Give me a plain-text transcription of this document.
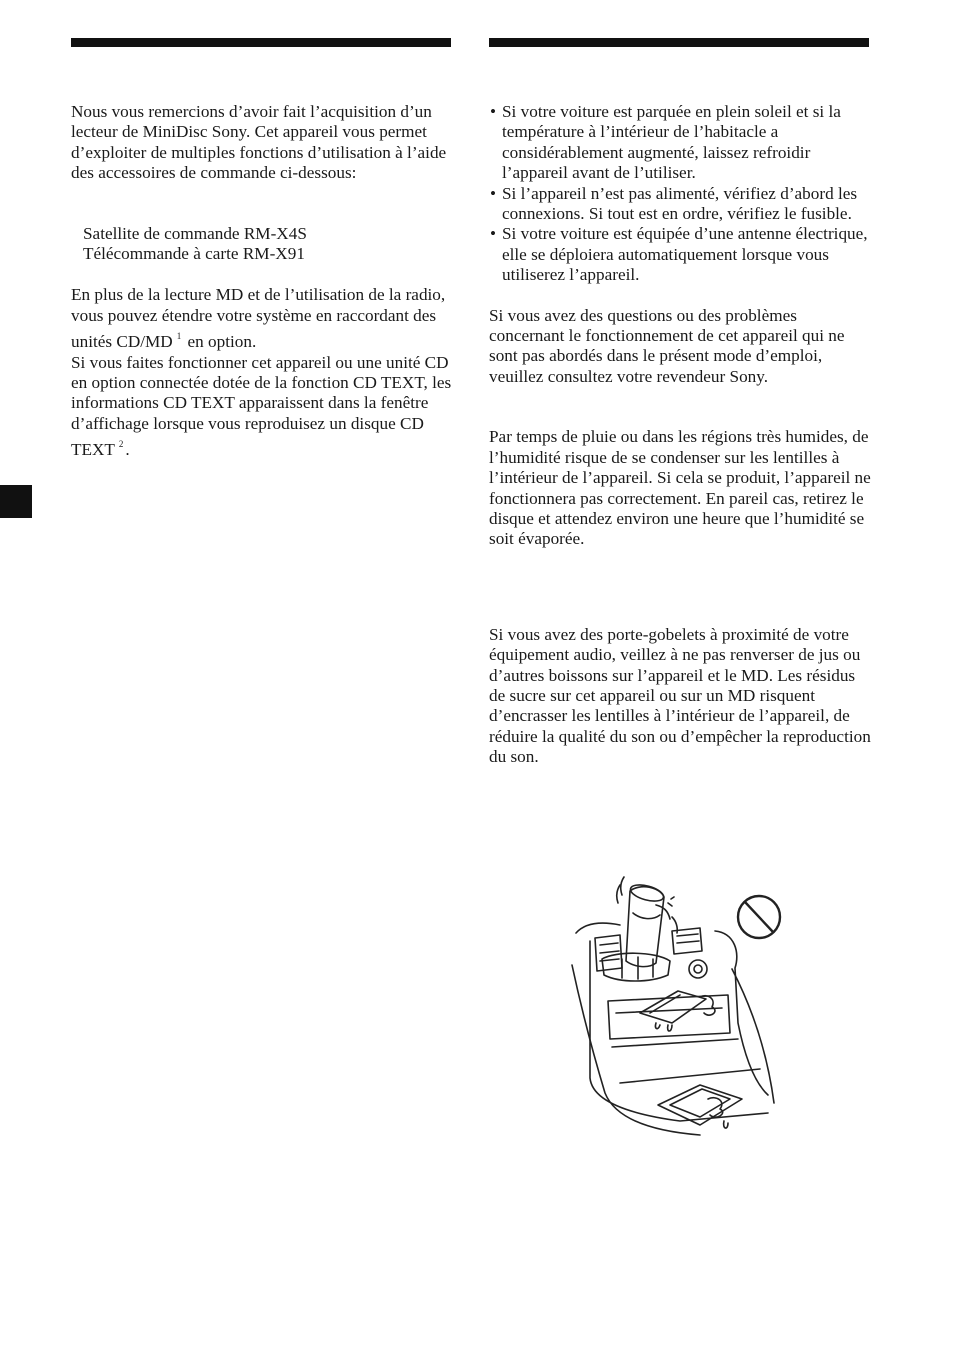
Nous vous remercions d’avoir fait l’acquisition d’un lecteur de MiniDisc Sony. Cet appareil vous permet d’exploiter de multiples fonctions d’utilisation à l’aide des accessoires de commande ci-dessous:

Satellite de commande RM-X4S
Télécommande à carte RM-X91

En plus de la lecture MD et de l’utilisation de la radio, vous pouvez étendre votre système en raccordant des unités CD/MD $^1$ en option.
Si vous faites fonctionner cet appareil ou une unité CD en option connectée dotée de la fonction CD TEXT, les informations CD TEXT apparaissent dans la fenêtre d’affichage lorsque vous reproduisez un disque CD TEXT $^2$ .

• Si votre voiture est parquée en plein soleil et si la température à l’intérieur de l’habitacle a considérablement augmenté, laissez refroidir l’appareil avant de l’utiliser.
• Si l’appareil n’est pas alimenté, vérifiez d’abord les connexions. Si tout est en ordre, vérifiez le fusible.
• Si votre voiture est équipée d’une antenne électrique, elle se déploiera automatiquement lorsque vous utiliserez l’appareil.

Si vous avez des questions ou des problèmes concernant le fonctionnement de cet appareil qui ne sont pas abordés dans le présent mode d’emploi, veuillez consultez votre revendeur Sony.

Par temps de pluie ou dans les régions très humides, de l’humidité risque de se condenser sur les lentilles à l’intérieur de l’appareil. Si cela se produit, l’appareil ne fonctionnera pas correctement. En pareil cas, retirez le disque et attendez environ une heure que l’humidité se soit évaporée.

Si vous avez des porte-gobelets à proximité de votre équipement audio, veillez à ne pas renverser de jus ou d’autres boissons sur l’appareil et le MD. Les résidus de sucre sur cet appareil ou sur un MD risquent d’encrasser les lentilles à l’intérieur de l’appareil, de réduire la qualité du son ou d’empêcher la reproduction du son.
